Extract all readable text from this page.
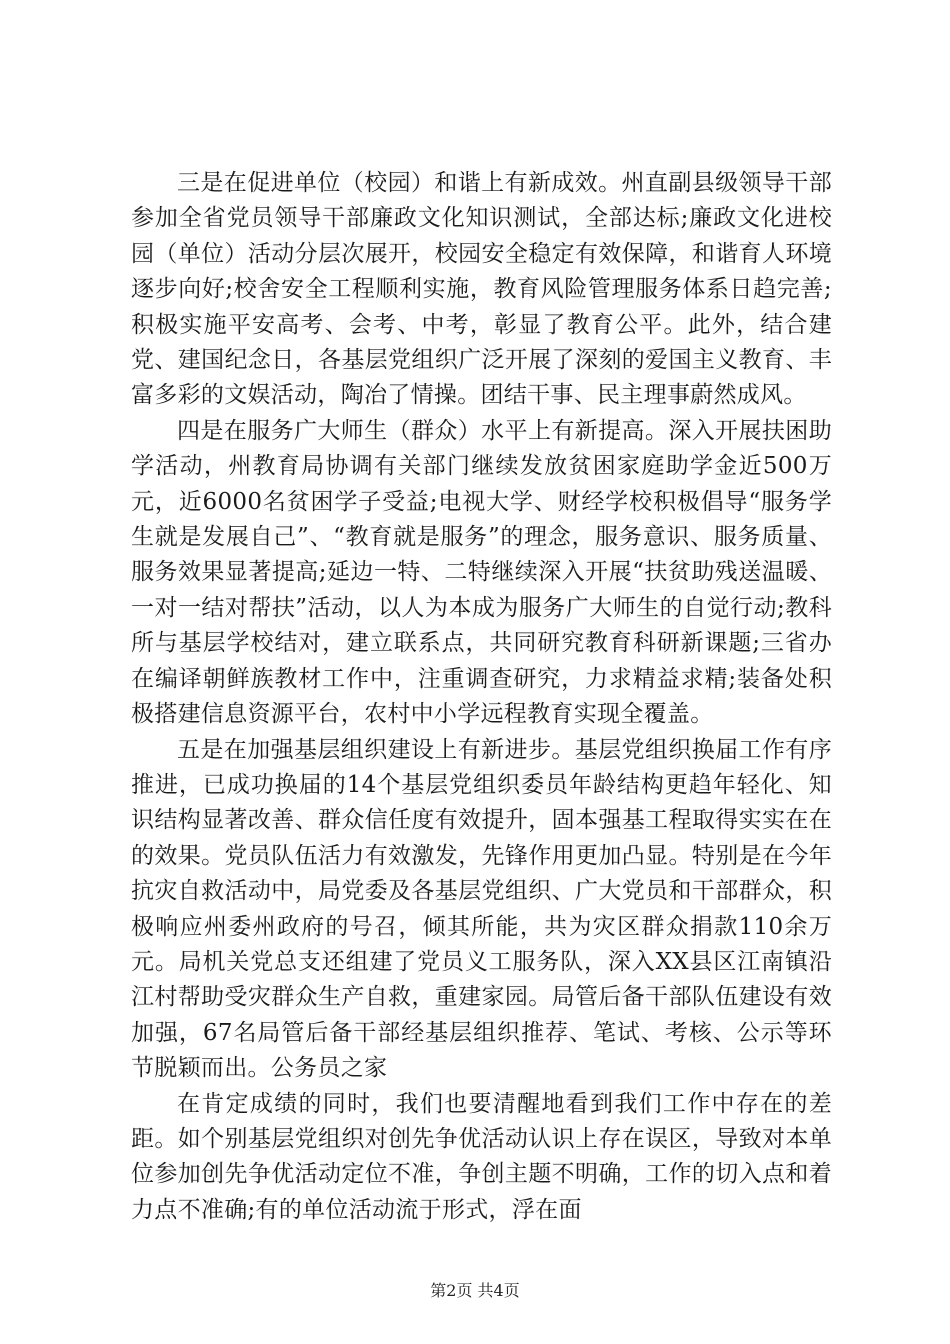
三是在促进单位（校园）和谐上有新成效。州直副县级领导干部参加全省党员领导干部廉政文化知识测试，全部达标;廉政文化进校园（单位）活动分层次展开，校园安全稳定有效保障，和谐育人环境逐步向好;校舍安全工程顺利实施，教育风险管理服务体系日趋完善;积极实施平安高考、会考、中考，彰显了教育公平。此外，结合建党、建国纪念日，各基层党组织广泛开展了深刻的爱国主义教育、丰富多彩的文娱活动，陶冶了情操。团结干事、民主理事蔚然成风。

四是在服务广大师生（群众）水平上有新提高。深入开展扶困助学活动，州教育局协调有关部门继续发放贫困家庭助学金近500万元，近6000名贫困学子受益;电视大学、财经学校积极倡导“服务学生就是发展自己”、“教育就是服务”的理念，服务意识、服务质量、服务效果显著提高;延边一特、二特继续深入开展“扶贫助残送温暖、一对一结对帮扶”活动，以人为本成为服务广大师生的自觉行动;教科所与基层学校结对，建立联系点，共同研究教育科研新课题;三省办在编译朝鲜族教材工作中，注重调查研究，力求精益求精;装备处积极搭建信息资源平台，农村中小学远程教育实现全覆盖。

五是在加强基层组织建设上有新进步。基层党组织换届工作有序推进，已成功换届的14个基层党组织委员年龄结构更趋年轻化、知识结构显著改善、群众信任度有效提升，固本强基工程取得实实在在的效果。党员队伍活力有效激发，先锋作用更加凸显。特别是在今年抗灾自救活动中，局党委及各基层党组织、广大党员和干部群众，积极响应州委州政府的号召，倾其所能，共为灾区群众捐款110余万元。局机关党总支还组建了党员义工服务队，深入XX县区江南镇沿江村帮助受灾群众生产自救，重建家园。局管后备干部队伍建设有效加强，67名局管后备干部经基层组织推荐、笔试、考核、公示等环节脱颖而出。公务员之家

在肯定成绩的同时，我们也要清醒地看到我们工作中存在的差距。如个别基层党组织对创先争优活动认识上存在误区，导致对本单位参加创先争优活动定位不准，争创主题不明确，工作的切入点和着力点不准确;有的单位活动流于形式，浮在面

第2页 共4页
